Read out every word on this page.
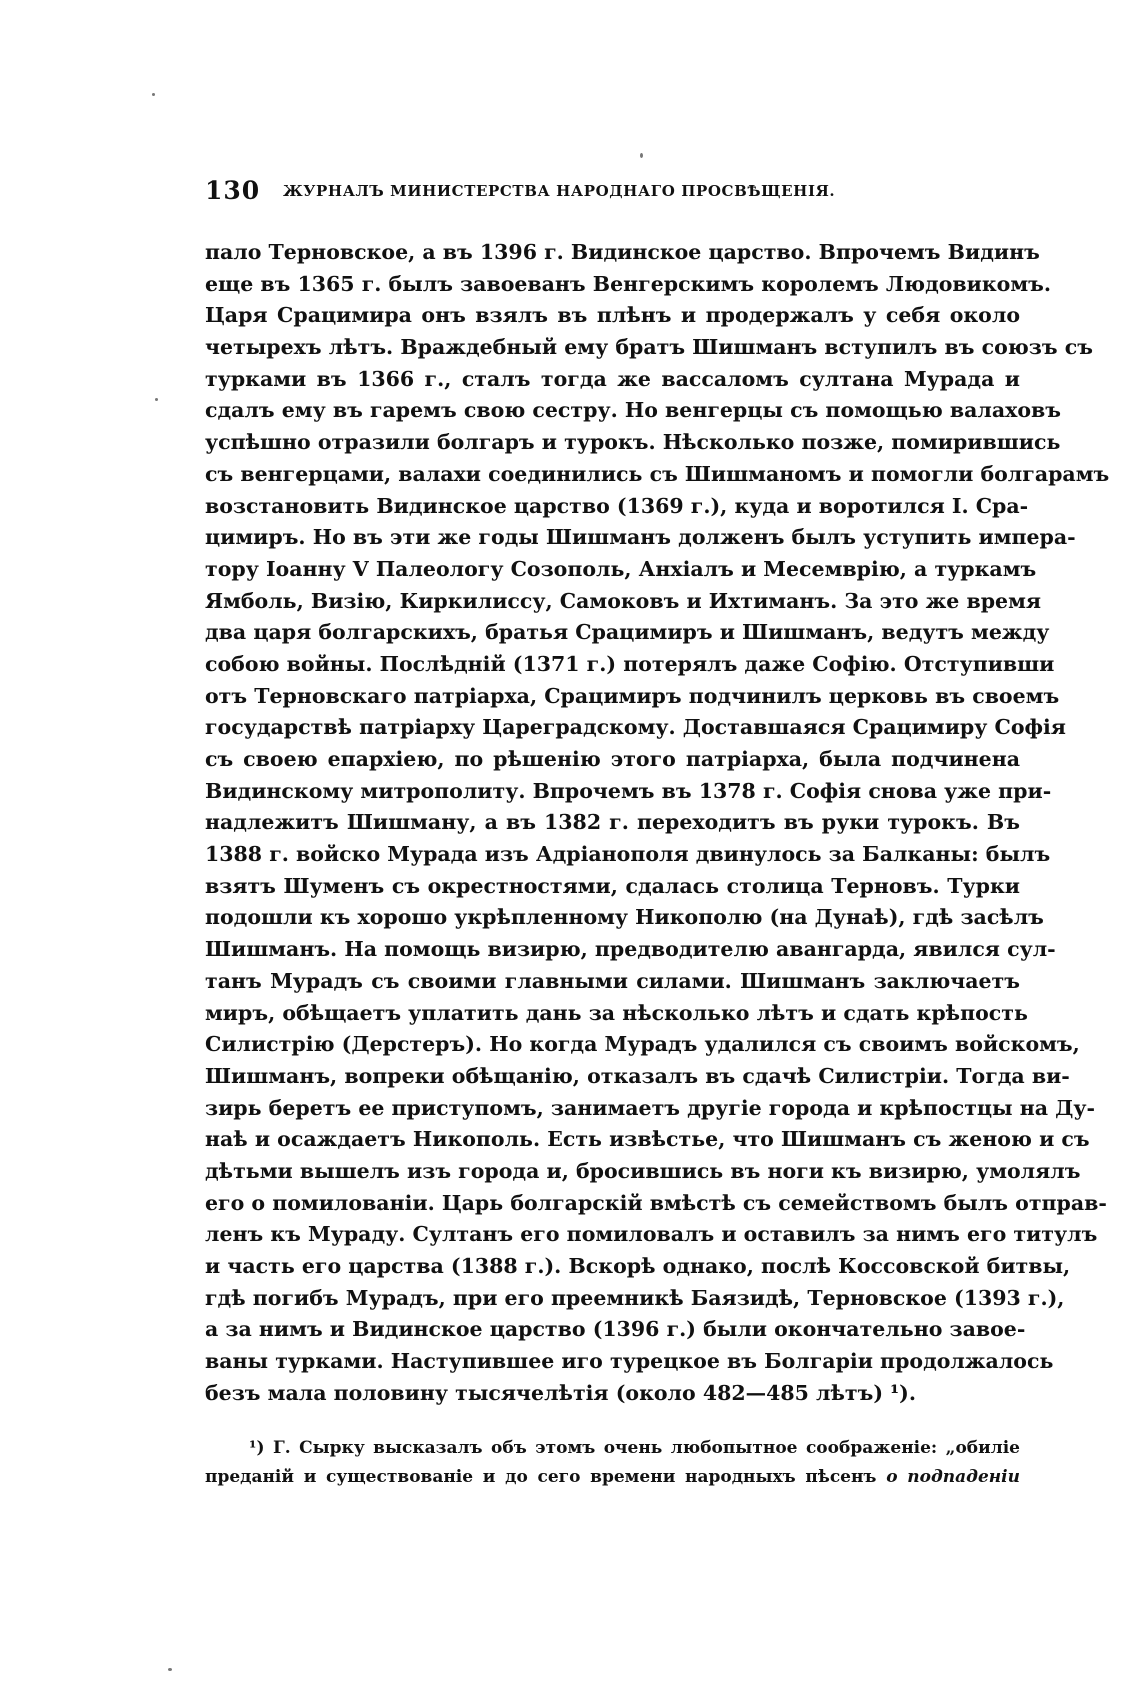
130 ЖУРНАЛЪ МИНИСТЕРСТВА НАРОДНАГО ПРОСВѢЩЕНІЯ.
пало Терновское, а въ 1396 г. Видинское царство. Впрочемъ Видинъ
еще въ 1365 г. былъ завоеванъ Венгерскимъ королемъ Людовикомъ.
Царя Срацимира онъ взялъ въ плѣнъ и продержалъ у себя около
четырехъ лѣтъ. Враждебный ему братъ Шишманъ вступилъ въ союзъ съ
турками въ 1366 г., сталъ тогда же вассаломъ султана Мурада и
сдалъ ему въ гаремъ свою сестру. Но венгерцы съ помощью валаховъ
успѣшно отразили болгаръ и турокъ. Нѣсколько позже, помирившись
съ венгерцами, валахи соединились съ Шишманомъ и помогли болгарамъ
возстановить Видинское царство (1369 г.), куда и воротился I. Сра-
цимиръ. Но въ эти же годы Шишманъ долженъ былъ уступить импера-
тору Іоанну V Палеологу Созополь, Анхіалъ и Месемврію, а туркамъ
Ямболь, Визію, Киркилиссу, Самоковъ и Ихтиманъ. За это же время
два царя болгарскихъ, братья Срацимиръ и Шишманъ, ведутъ между
собою войны. Послѣдній (1371 г.) потерялъ даже Софію. Отступивши
отъ Терновскаго патріарха, Срацимиръ подчинилъ церковь въ своемъ
государствѣ патріарху Цареградскому. Доставшаяся Срацимиру Софія
съ своею епархіею, по рѣшенію этого патріарха, была подчинена
Видинскому митрополиту. Впрочемъ въ 1378 г. Софія снова уже при-
надлежитъ Шишману, а въ 1382 г. переходитъ въ руки турокъ. Въ
1388 г. войско Мурада изъ Адріанополя двинулось за Балканы: былъ
взятъ Шуменъ съ окрестностями, сдалась столица Терновъ. Турки
подошли къ хорошо укрѣпленному Никополю (на Дунаѣ), гдѣ засѣлъ
Шишманъ. На помощь визирю, предводителю авангарда, явился сул-
танъ Мурадъ съ своими главными силами. Шишманъ заключаетъ
миръ, обѣщаетъ уплатить дань за нѣсколько лѣтъ и сдать крѣпость
Силистрію (Дерстеръ). Но когда Мурадъ удалился съ своимъ войскомъ,
Шишманъ, вопреки обѣщанію, отказалъ въ сдачѣ Силистріи. Тогда ви-
зирь беретъ ее приступомъ, занимаетъ другіе города и крѣпостцы на Ду-
наѣ и осаждаетъ Никополь. Есть извѣстье, что Шишманъ съ женою и съ
дѣтьми вышелъ изъ города и, бросившись въ ноги къ визирю, умолялъ
его о помилованіи. Царь болгарскій вмѣстѣ съ семействомъ былъ отправ-
ленъ къ Мураду. Султанъ его помиловалъ и оставилъ за нимъ его титулъ
и часть его царства (1388 г.). Вскорѣ однако, послѣ Коссовской битвы,
гдѣ погибъ Мурадъ, при его преемникѣ Баязидѣ, Терновское (1393 г.),
а за нимъ и Видинское царство (1396 г.) были окончательно завое-
ваны турками. Наступившее иго турецкое въ Болгаріи продолжалось
безъ мала половину тысячелѣтія (около 482—485 лѣтъ) ¹).
¹) Г. Сырку высказалъ объ этомъ очень любопытное соображеніе: „обиліе
преданій и существованіе и до сего времени народныхъ пѣсенъ о подпаденіи
